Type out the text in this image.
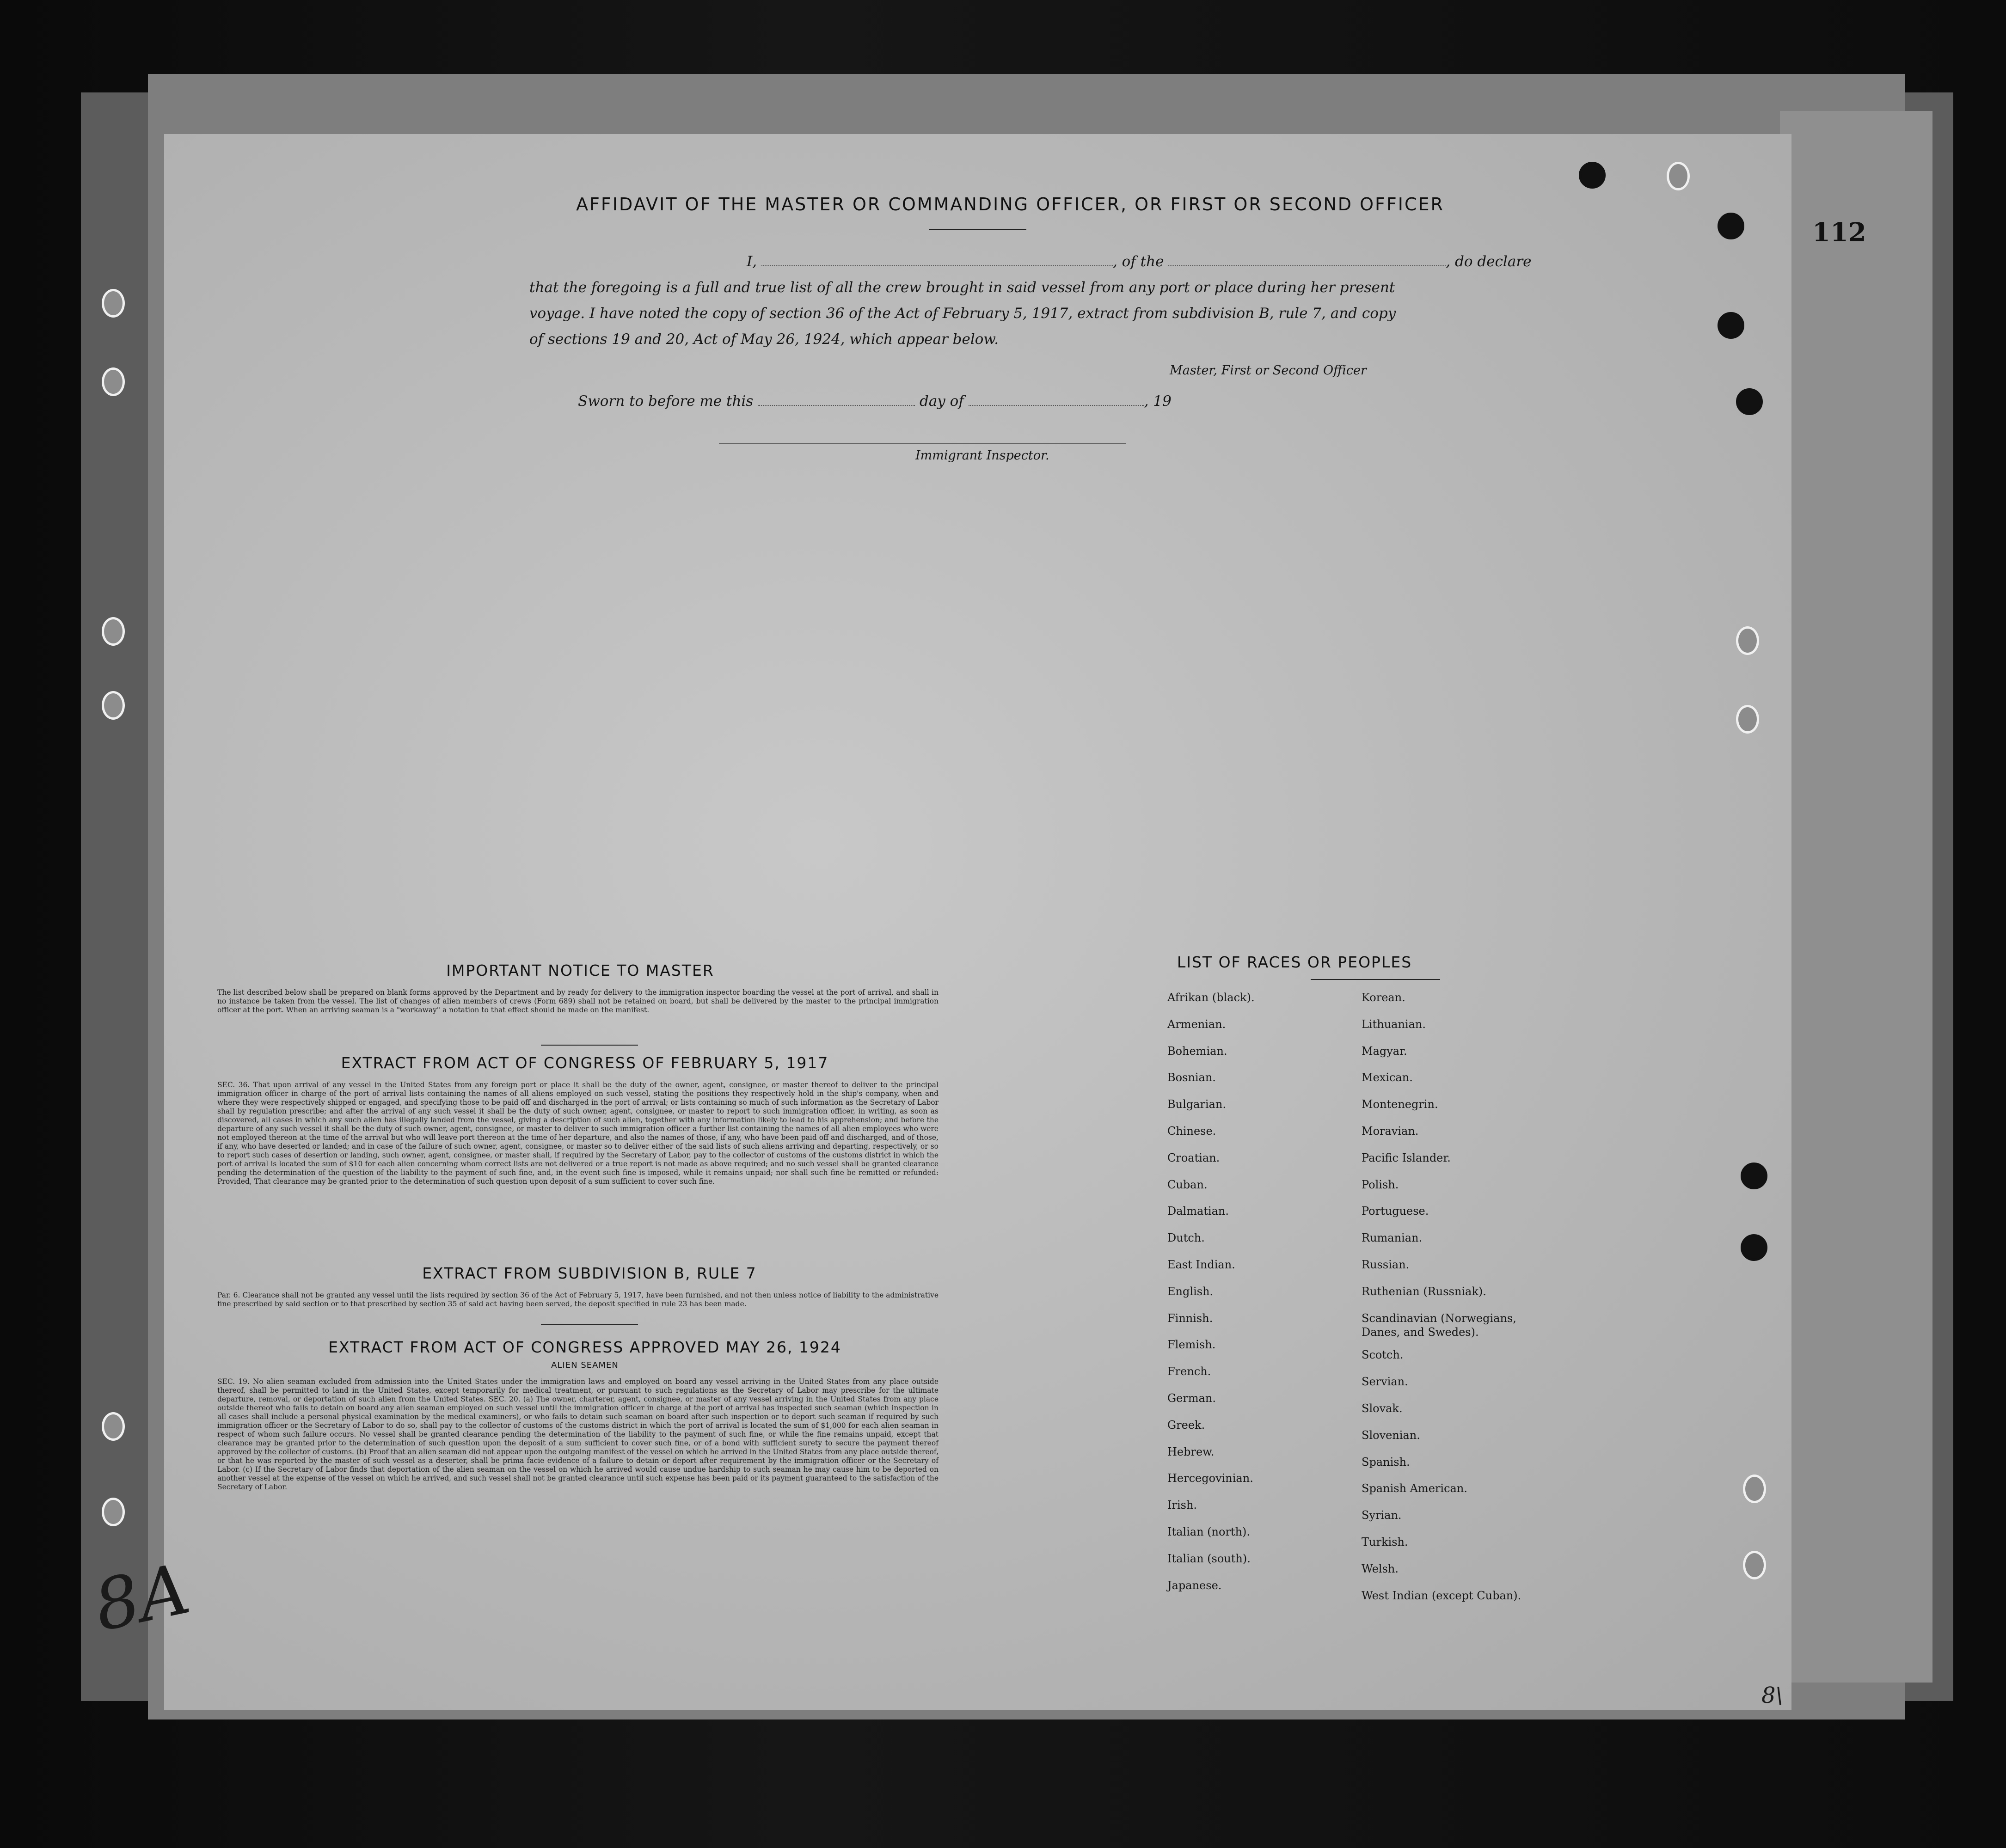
112
AFFIDAVIT OF THE MASTER OR COMMANDING OFFICER, OR FIRST OR SECOND OFFICER
I,	, of the	, do declare
that the foregoing is a full and true list of all the crew brought in said vessel from any port or place during her present
voyage. I have noted the copy of section 36 of the Act of February 5, 1917, extract from subdivision B, rule 7, and copy
of sections 19 and 20, Act of May 26, 1924, which appear below.
Master, First or Second Officer
Sworn to before me this	day of	, 19
Immigrant Inspector.
IMPORTANT NOTICE TO MASTER
The list described below shall be prepared on blank forms approved by the Department and by ready for delivery to the immigration inspector boarding the vessel at the port of arrival, and shall in no instance be taken from the vessel. The list of changes of alien members of crews (Form 689) shall not be retained on board, but shall be delivered by the master to the principal immigration officer at the port. When an arriving seaman is a "workaway" a notation to that effect should be made on the manifest.
EXTRACT FROM ACT OF CONGRESS OF FEBRUARY 5, 1917
SEC. 36. That upon arrival of any vessel in the United States from any foreign port or place it shall be the duty of the owner, agent, consignee, or master thereof to deliver to the principal immigration officer in charge of the port of arrival lists containing the names of all aliens employed on such vessel, stating the positions they respectively hold in the ship's company, when and where they were respectively shipped or engaged, and specifying those to be paid off and discharged in the port of arrival; or lists containing so much of such information as the Secretary of Labor shall by regulation prescribe; and after the arrival of any such vessel it shall be the duty of such owner, agent, consignee, or master to report to such immigration officer, in writing, as soon as discovered, all cases in which any such alien has illegally landed from the vessel, giving a description of such alien, together with any information likely to lead to his apprehension; and before the departure of any such vessel it shall be the duty of such owner, agent, consignee, or master to deliver to such immigration officer a further list containing the names of all alien employees who were not employed thereon at the time of the arrival but who will leave port thereon at the time of her departure, and also the names of those, if any, who have been paid off and discharged, and of those, if any, who have deserted or landed; and in case of the failure of such owner, agent, consignee, or master so to deliver either of the said lists of such aliens arriving and departing, respectively, or so to report such cases of desertion or landing, such owner, agent, consignee, or master shall, if required by the Secretary of Labor, pay to the collector of customs of the customs district in which the port of arrival is located the sum of $10 for each alien concerning whom correct lists are not delivered or a true report is not made as above required; and no such vessel shall be granted clearance pending the determination of the question of the liability to the payment of such fine, and, in the event such fine is imposed, while it remains unpaid; nor shall such fine be remitted or refunded: Provided, That clearance may be granted prior to the determination of such question upon deposit of a sum sufficient to cover such fine.
EXTRACT FROM SUBDIVISION B, RULE 7
Par. 6. Clearance shall not be granted any vessel until the lists required by section 36 of the Act of February 5, 1917, have been furnished, and not then unless notice of liability to the administrative fine prescribed by said section or to that prescribed by section 35 of said act having been served, the deposit specified in rule 23 has been made.
EXTRACT FROM ACT OF CONGRESS APPROVED MAY 26, 1924
ALIEN SEAMEN
SEC. 19. No alien seaman excluded from admission into the United States under the immigration laws and employed on board any vessel arriving in the United States from any place outside thereof, shall be permitted to land in the United States, except temporarily for medical treatment, or pursuant to such regulations as the Secretary of Labor may prescribe for the ultimate departure, removal, or deportation of such alien from the United States. SEC. 20. (a) The owner, charterer, agent, consignee, or master of any vessel arriving in the United States from any place outside thereof who fails to detain on board any alien seaman employed on such vessel until the immigration officer in charge at the port of arrival has inspected such seaman (which inspection in all cases shall include a personal physical examination by the medical examiners), or who fails to detain such seaman on board after such inspection or to deport such seaman if required by such immigration officer or the Secretary of Labor to do so, shall pay to the collector of customs of the customs district in which the port of arrival is located the sum of $1,000 for each alien seaman in respect of whom such failure occurs. No vessel shall be granted clearance pending the determination of the liability to the payment of such fine, or while the fine remains unpaid, except that clearance may be granted prior to the determination of such question upon the deposit of a sum sufficient to cover such fine, or of a bond with sufficient surety to secure the payment thereof approved by the collector of customs. (b) Proof that an alien seaman did not appear upon the outgoing manifest of the vessel on which he arrived in the United States from any place outside thereof, or that he was reported by the master of such vessel as a deserter, shall be prima facie evidence of a failure to detain or deport after requirement by the immigration officer or the Secretary of Labor. (c) If the Secretary of Labor finds that deportation of the alien seaman on the vessel on which he arrived would cause undue hardship to such seaman he may cause him to be deported on another vessel at the expense of the vessel on which he arrived, and such vessel shall not be granted clearance until such expense has been paid or its payment guaranteed to the satisfaction of the Secretary of Labor.
LIST OF RACES OR PEOPLES
Afrikan (black).
Armenian.
Bohemian.
Bosnian.
Bulgarian.
Chinese.
Croatian.
Cuban.
Dalmatian.
Dutch.
East Indian.
English.
Finnish.
Flemish.
French.
German.
Greek.
Hebrew.
Hercegovinian.
Irish.
Italian (north).
Italian (south).
Japanese.
Korean.
Lithuanian.
Magyar.
Mexican.
Montenegrin.
Moravian.
Pacific Islander.
Polish.
Portuguese.
Rumanian.
Russian.
Ruthenian (Russniak).
Scandinavian (Norwegians, Danes, and Swedes).
Scotch.
Servian.
Slovak.
Slovenian.
Spanish.
Spanish American.
Syrian.
Turkish.
Welsh.
West Indian (except Cuban).
8A
8\
